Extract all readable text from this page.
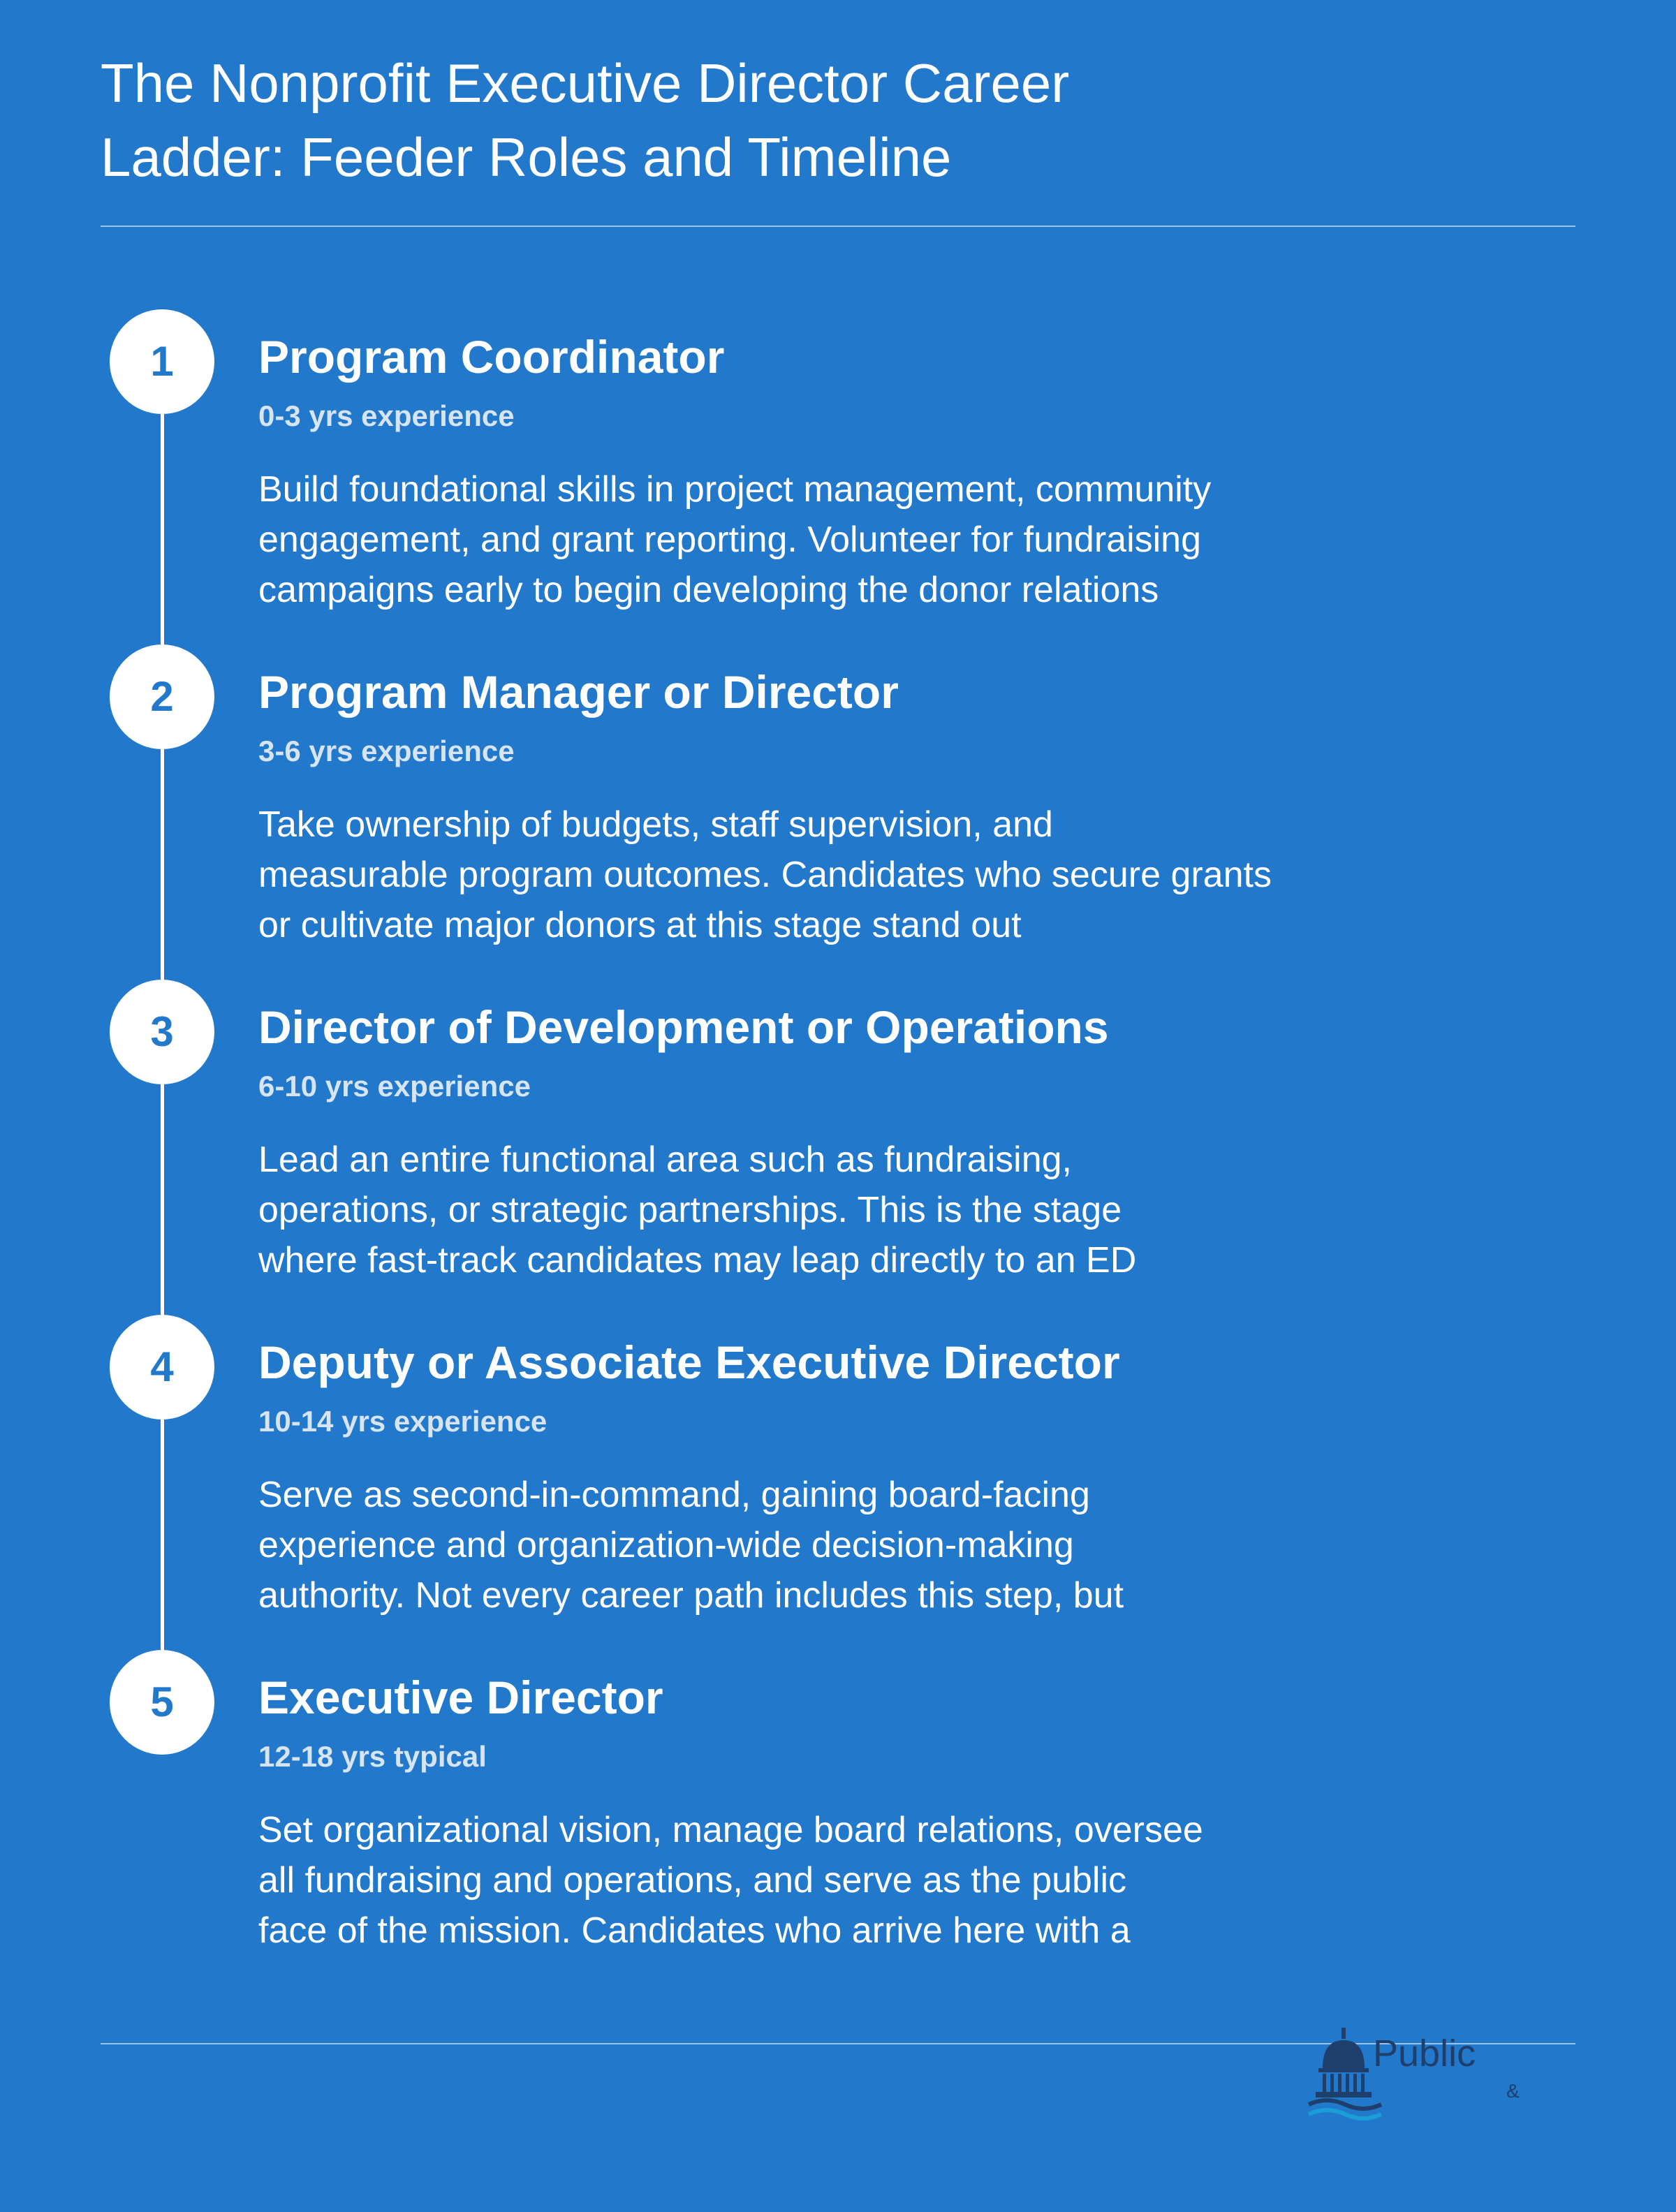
The Nonprofit Executive Director Career
Ladder: Feeder Roles and Timeline
1	Program Coordinator
0-3 yrs experience

Build foundational skills in project management, community
engagement, and grant reporting. Volunteer for fundraising
campaigns early to begin developing the donor relations

2	Program Manager or Director
3-6 yrs experience

Take ownership of budgets, staff supervision, and
measurable program outcomes. Candidates who secure grants
or cultivate major donors at this stage stand out

3	Director of Development or Operations
6-10 yrs experience

Lead an entire functional area such as fundraising,
operations, or strategic partnerships. This is the stage
where fast-track candidates may leap directly to an ED

4	Deputy or Associate Executive Director
10-14 yrs experience

Serve as second-in-command, gaining board-facing
experience and organization-wide decision-making
authority. Not every career path includes this step, but

5	Executive Director
12-18 yrs typical

Set organizational vision, manage board relations, oversee
all fundraising and operations, and serve as the public
face of the mission. Candidates who arrive here with a

Public
&
